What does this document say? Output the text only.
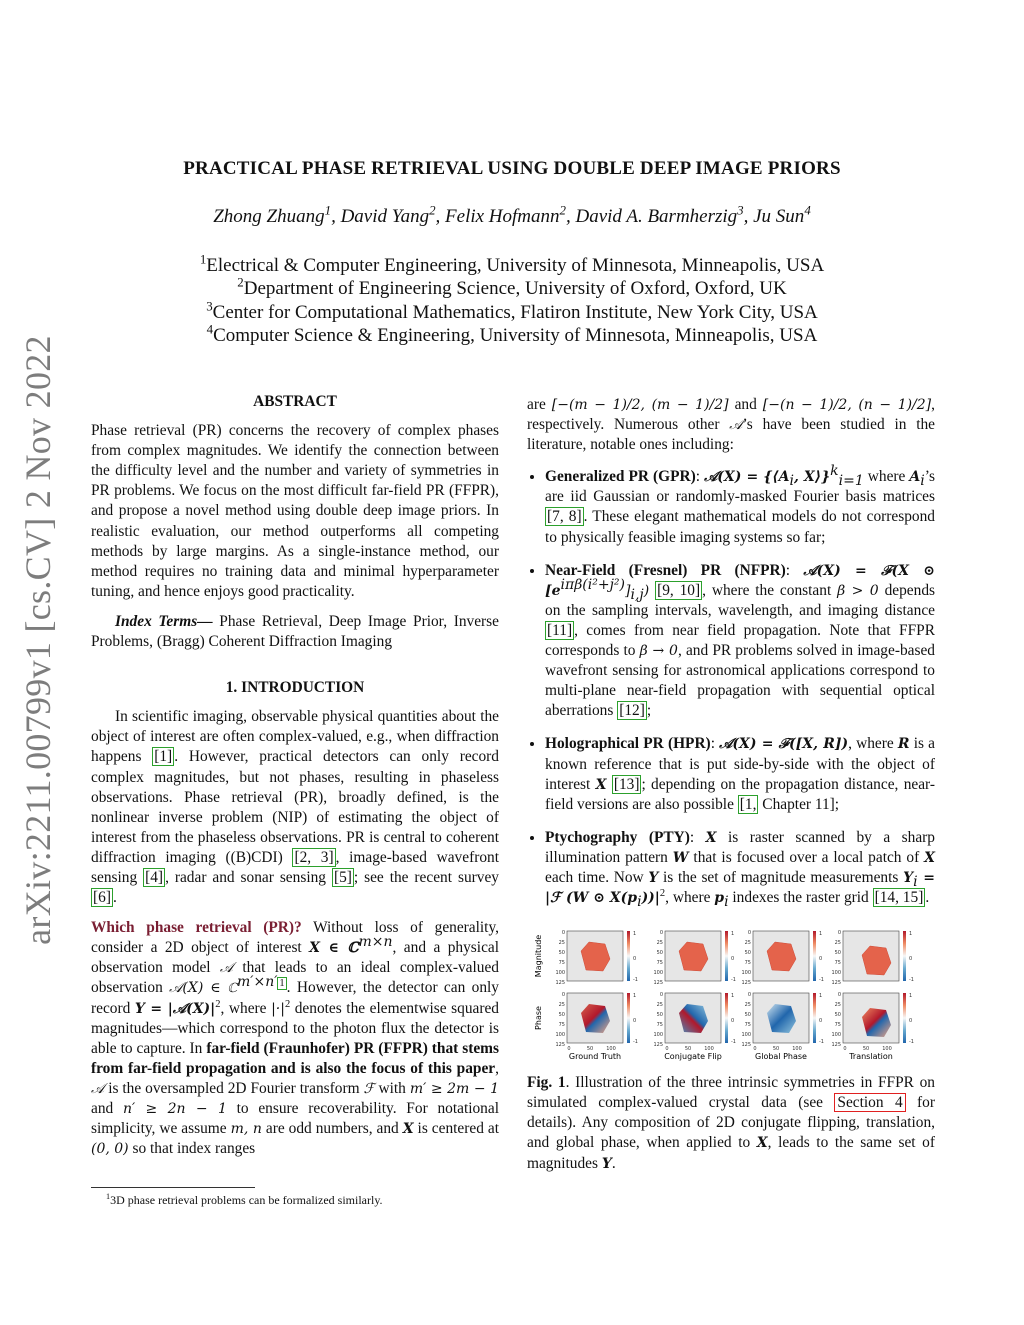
arXiv:2211.00799v1 [cs.CV] 2 Nov 2022
PRACTICAL PHASE RETRIEVAL USING DOUBLE DEEP IMAGE PRIORS
Zhong Zhuang$^1$, David Yang$^2$, Felix Hofmann$^2$, David A. Barmherzig$^3$, Ju Sun$^4$
$^1$Electrical & Computer Engineering, University of Minnesota, Minneapolis, USA
$^2$Department of Engineering Science, University of Oxford, Oxford, UK
$^3$Center for Computational Mathematics, Flatiron Institute, New York City, USA
$^4$Computer Science & Engineering, University of Minnesota, Minneapolis, USA
ABSTRACT

Phase retrieval (PR) concerns the recovery of complex phases from complex magnitudes. We identify the connection between the difficulty level and the number and variety of symmetries in PR problems. We focus on the most difficult far-field PR (FFPR), and propose a novel method using double deep image priors. In realistic evaluation, our method outperforms all competing methods by large margins. As a single-instance method, our method requires no training data and minimal hyperparameter tuning, and hence enjoys good practicality.

Index Terms— Phase Retrieval, Deep Image Prior, Inverse Problems, (Bragg) Coherent Diffraction Imaging

1. INTRODUCTION

In scientific imaging, observable physical quantities about the object of interest are often complex-valued, e.g., when diffraction happens [1] . However, practical detectors can only record complex magnitudes, but not phases, resulting in phaseless observations. Phase retrieval (PR), broadly defined, is the nonlinear inverse problem (NIP) of estimating the object of interest from the phaseless observations. PR is central to coherent diffraction imaging ((B)CDI) [2, 3] , image-based wavefront sensing [4] , radar and sonar sensing [5] ; see the recent survey [6] .

Which phase retrieval (PR)? Without loss of generality, consider a 2D object of interest X ∈ ℂ$^{m\times n}$, and a physical observation model 𝒜 that leads to an ideal complex-valued observation 𝒜(X) ∈ ℂ$^{m'\times n'}$ $^1$ . However, the detector can only record $Y = |𝒜(X)|^2$, where $|\cdot|^2$ denotes the elementwise squared magnitudes—which correspond to the photon flux the detector is able to capture. In far-field (Fraunhofer) PR (FFPR) that stems from far-field propagation and is also the focus of this paper, 𝒜 is the oversampled 2D Fourier transform ℱ with m′ ≥ 2m − 1 and n′ ≥ 2n − 1 to ensure recoverability. For notational simplicity, we assume m, n are odd numbers, and X is centered at (0, 0) so that index ranges

$^1$3D phase retrieval problems can be formalized similarly.

are [−(m − 1)/2, (m − 1)/2] and [−(n − 1)/2, (n − 1)/2], respectively. Numerous other 𝒜’s have been studied in the literature, notable ones including:

• Generalized PR (GPR): 𝒜(X) = {$⟨A_i$, X⟩}$^k_{i=1}$ where $A_i’s$ are iid Gaussian or randomly-masked Fourier basis matrices [7, 8] . These elegant mathematical models do not correspond to physically feasible imaging systems so far;
• Near-Field (Fresnel) PR (NFPR): 𝒜(X) = ℱ(X ⊙ $[e^{i\pi\beta(i^2+j^2)}]_{i,j}$) [9, 10] , where the constant β > 0 depends on the sampling intervals, wavelength, and imaging distance [11] , comes from near field propagation. Note that FFPR corresponds to β → 0, and PR problems solved in image-based wavefront sensing for astronomical applications correspond to multi-plane near-field propagation with sequential optical aberrations [12] ;
• Holographical PR (HPR): 𝒜(X) = ℱ([X, R]), where R is a known reference that is put side-by-side with the object of interest X [13] ; depending on the propagation distance, near-field versions are also possible [1, Chapter 11];
• Ptychography (PTY): X is raster scanned by a sharp illumination pattern W that is focused over a local patch of X each time. Now Y is the set of magnitude measurements $Y_i$ = |ℱ (W ⊙ $X(p_i))|^2$, where $p_i$ indexes the raster grid [14, 15] .
Magnitude
Phase
0
25
50
75
100
125
1
0
-1
0
25
50
75
100
125
1
0
-1
0
25
50
75
100
125
1
0
-1
0
25
50
75
100
125
1
0
-1
0
25
50
75
100
125
1
0
-1
0	50	100
Ground Truth
0
25
50
75
100
125
1
0
-1
0	50	100
Conjugate Flip
0
25
50
75
100
125
1
0
-1
0	50	100
Global Phase
0
25
50
75
100
125
1
0
-1
0	50	100
Translation

Fig. 1. Illustration of the three intrinsic symmetries in FFPR on simulated complex-valued crystal data (see Section 4 for details). Any composition of 2D conjugate flipping, translation, and global phase, when applied to X, leads to the same set of magnitudes Y.
